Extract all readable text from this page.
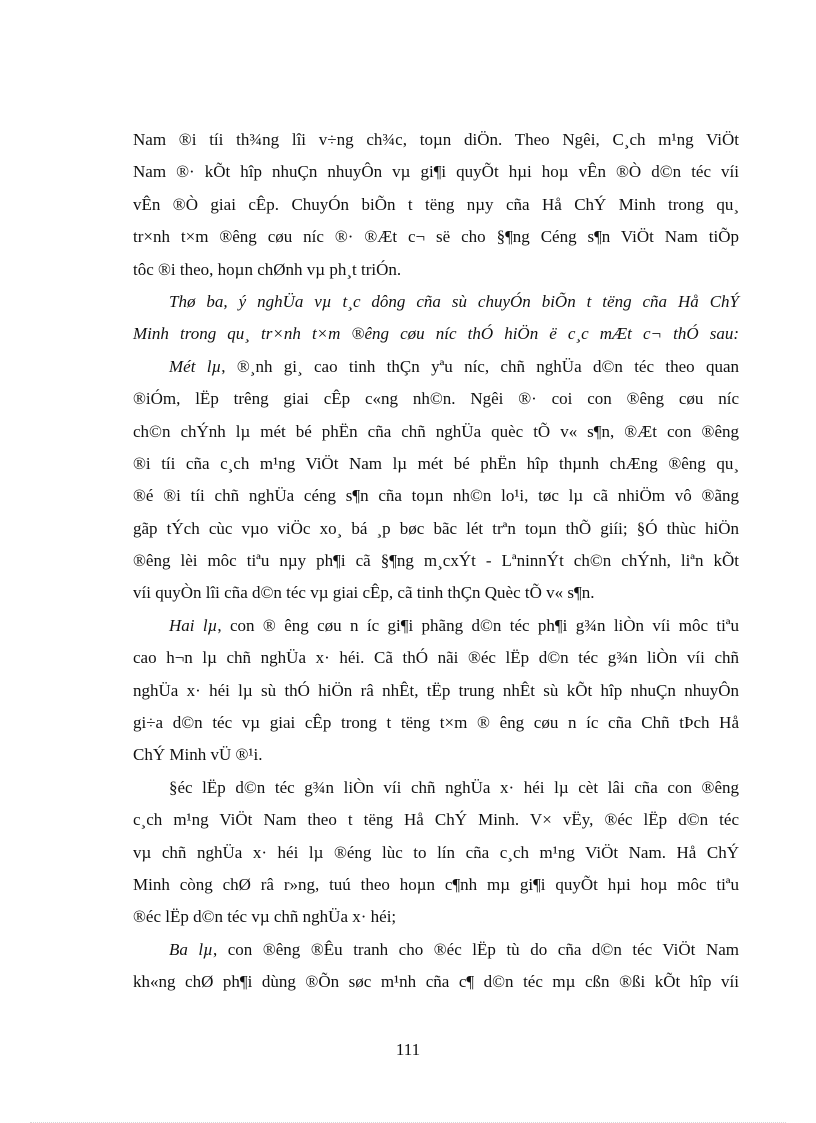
Nam ®i tíi th¾ng lîi v÷ng ch¾c, toµn diÖn. Theo Ngêi, C¸ch m¹ng ViÖt
Nam ®· kÕt hîp nhuÇn nhuyÔn vµ gi¶i quyÕt hµi hoµ vÊn ®Ò d©n téc víi
vÊn ®Ò giai cÊp. ChuyÓn biÕn t tëng nµy cña Hå ChÝ Minh trong qu¸
tr×nh t×m ®êng cøu níc ®· ®Æt c¬ së cho §¶ng Céng s¶n ViÖt Nam tiÕp
tôc ®i theo, hoµn chØnh vµ ph¸t triÓn.
Thø ba, ý nghÜa vµ t¸c dông cña sù chuyÓn biÕn t tëng cña Hå ChÝ
Minh trong qu¸ tr×nh t×m ®êng cøu níc thÓ hiÖn ë c¸c mÆt c¬ thÓ sau:
Mét lµ, ®¸nh gi¸ cao tinh thÇn yªu níc, chñ nghÜa d©n téc theo quan
®iÓm, lËp trêng giai cÊp c«ng nh©n. Ngêi ®· coi con ®êng cøu níc
ch©n chÝnh lµ mét bé phËn cña chñ nghÜa quèc tÕ v« s¶n, ®Æt con ®êng
®i tíi cña c¸ch m¹ng ViÖt Nam lµ mét bé phËn hîp thµnh chÆng ®êng qu¸
®é ®i tíi chñ nghÜa céng s¶n cña toµn nh©n lo¹i, tøc lµ cã nhiÖm vô ®ãng
gãp tÝch cùc vµo viÖc xo¸ bá ¸p bøc bãc lét trªn toµn thÕ giíi; §Ó thùc hiÖn
®êng lèi môc tiªu nµy ph¶i cã §¶ng m¸cxÝt - LªninnÝt ch©n chÝnh, liªn kÕt
víi quyÒn lîi cña d©n téc vµ giai cÊp, cã tinh thÇn Quèc tÕ v« s¶n.
Hai lµ, con ® êng cøu n íc gi¶i phãng d©n téc ph¶i g¾n liÒn víi môc tiªu
cao h¬n lµ chñ nghÜa x· héi. Cã thÓ nãi ®éc lËp d©n téc g¾n liÒn víi chñ
nghÜa x· héi lµ sù thÓ hiÖn râ nhÊt, tËp trung nhÊt sù kÕt hîp nhuÇn nhuyÔn
gi÷a d©n téc vµ giai cÊp trong t tëng t×m ® êng cøu n íc cña Chñ tÞch Hå
ChÝ Minh vÜ ®¹i.
§éc lËp d©n téc g¾n liÒn víi chñ nghÜa x· héi lµ cèt lâi cña con ®êng
c¸ch m¹ng ViÖt Nam theo t tëng Hå ChÝ Minh. V× vËy, ®éc lËp d©n téc
vµ chñ nghÜa x· héi lµ ®éng lùc to lín cña c¸ch m¹ng ViÖt Nam. Hå ChÝ
Minh còng chØ râ r»ng, tuú theo hoµn c¶nh mµ gi¶i quyÕt hµi hoµ môc tiªu
®éc lËp d©n téc vµ chñ nghÜa x· héi;
Ba lµ, con ®êng ®Êu tranh cho ®éc lËp tù do cña d©n téc ViÖt Nam
kh«ng chØ ph¶i dùng ®Õn søc m¹nh cña c¶ d©n téc mµ cßn ®ßi kÕt hîp víi
111
